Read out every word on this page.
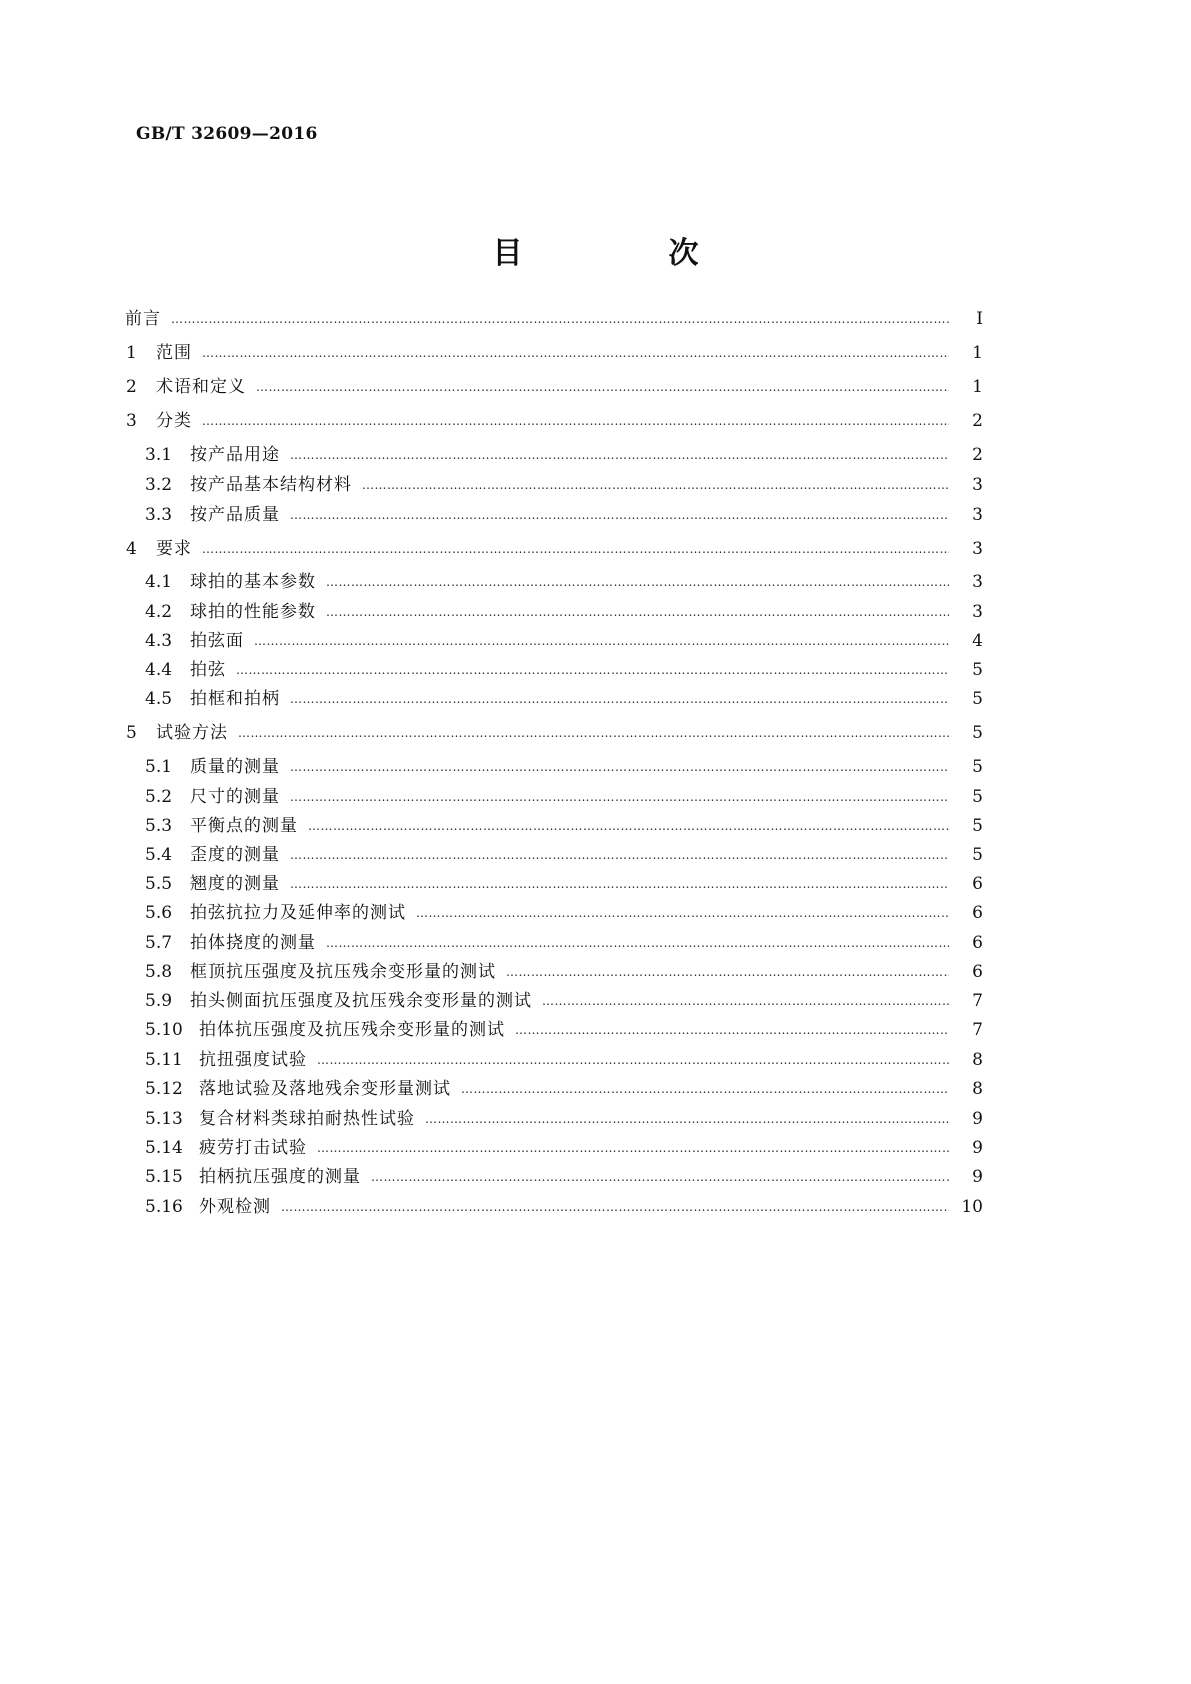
GB/T 32609—2016
目　次
前言 ……………………………………………………………………………………………………………………………………………………………………………………………………………………………………………………………………………………………	Ⅰ
1	范围 ……………………………………………………………………………………………………………………………………………………………………………………………………………………………………………………………………………………………	1
2	术语和定义 ……………………………………………………………………………………………………………………………………………………………………………………………………………………………………………………………………………………………	1
3	分类 ……………………………………………………………………………………………………………………………………………………………………………………………………………………………………………………………………………………………	2
3.1	按产品用途 ……………………………………………………………………………………………………………………………………………………………………………………………………………………………………………………………………………………………	2
3.2	按产品基本结构材料 ……………………………………………………………………………………………………………………………………………………………………………………………………………………………………………………………………………………………	3
3.3	按产品质量 ……………………………………………………………………………………………………………………………………………………………………………………………………………………………………………………………………………………………	3
4	要求 ……………………………………………………………………………………………………………………………………………………………………………………………………………………………………………………………………………………………	3
4.1	球拍的基本参数 ……………………………………………………………………………………………………………………………………………………………………………………………………………………………………………………………………………………………	3
4.2	球拍的性能参数 ……………………………………………………………………………………………………………………………………………………………………………………………………………………………………………………………………………………………	3
4.3	拍弦面 ……………………………………………………………………………………………………………………………………………………………………………………………………………………………………………………………………………………………	4
4.4	拍弦 ……………………………………………………………………………………………………………………………………………………………………………………………………………………………………………………………………………………………	5
4.5	拍框和拍柄 ……………………………………………………………………………………………………………………………………………………………………………………………………………………………………………………………………………………………	5
5	试验方法 ……………………………………………………………………………………………………………………………………………………………………………………………………………………………………………………………………………………………	5
5.1	质量的测量 ……………………………………………………………………………………………………………………………………………………………………………………………………………………………………………………………………………………………	5
5.2	尺寸的测量 ……………………………………………………………………………………………………………………………………………………………………………………………………………………………………………………………………………………………	5
5.3	平衡点的测量 ……………………………………………………………………………………………………………………………………………………………………………………………………………………………………………………………………………………………	5
5.4	歪度的测量 ……………………………………………………………………………………………………………………………………………………………………………………………………………………………………………………………………………………………	5
5.5	翘度的测量 ……………………………………………………………………………………………………………………………………………………………………………………………………………………………………………………………………………………………	6
5.6	拍弦抗拉力及延伸率的测试 ……………………………………………………………………………………………………………………………………………………………………………………………………………………………………………………………………………………………	6
5.7	拍体挠度的测量 ……………………………………………………………………………………………………………………………………………………………………………………………………………………………………………………………………………………………	6
5.8	框顶抗压强度及抗压残余变形量的测试 ……………………………………………………………………………………………………………………………………………………………………………………………………………………………………………………………………………………………	6
5.9	拍头侧面抗压强度及抗压残余变形量的测试 ……………………………………………………………………………………………………………………………………………………………………………………………………………………………………………………………………………………………	7
5.10 拍体抗压强度及抗压残余变形量的测试 ……………………………………………………………………………………………………………………………………………………………………………………………………………………………………………………………………………………………	7
5.11 抗扭强度试验 ……………………………………………………………………………………………………………………………………………………………………………………………………………………………………………………………………………………………	8
5.12 落地试验及落地残余变形量测试 ……………………………………………………………………………………………………………………………………………………………………………………………………………………………………………………………………………………………	8
5.13 复合材料类球拍耐热性试验 ……………………………………………………………………………………………………………………………………………………………………………………………………………………………………………………………………………………………	9
5.14 疲劳打击试验 ……………………………………………………………………………………………………………………………………………………………………………………………………………………………………………………………………………………………	9
5.15 拍柄抗压强度的测量 ……………………………………………………………………………………………………………………………………………………………………………………………………………………………………………………………………………………………	9
5.16 外观检测 ……………………………………………………………………………………………………………………………………………………………………………………………………………………………………………………………………………………………	10
